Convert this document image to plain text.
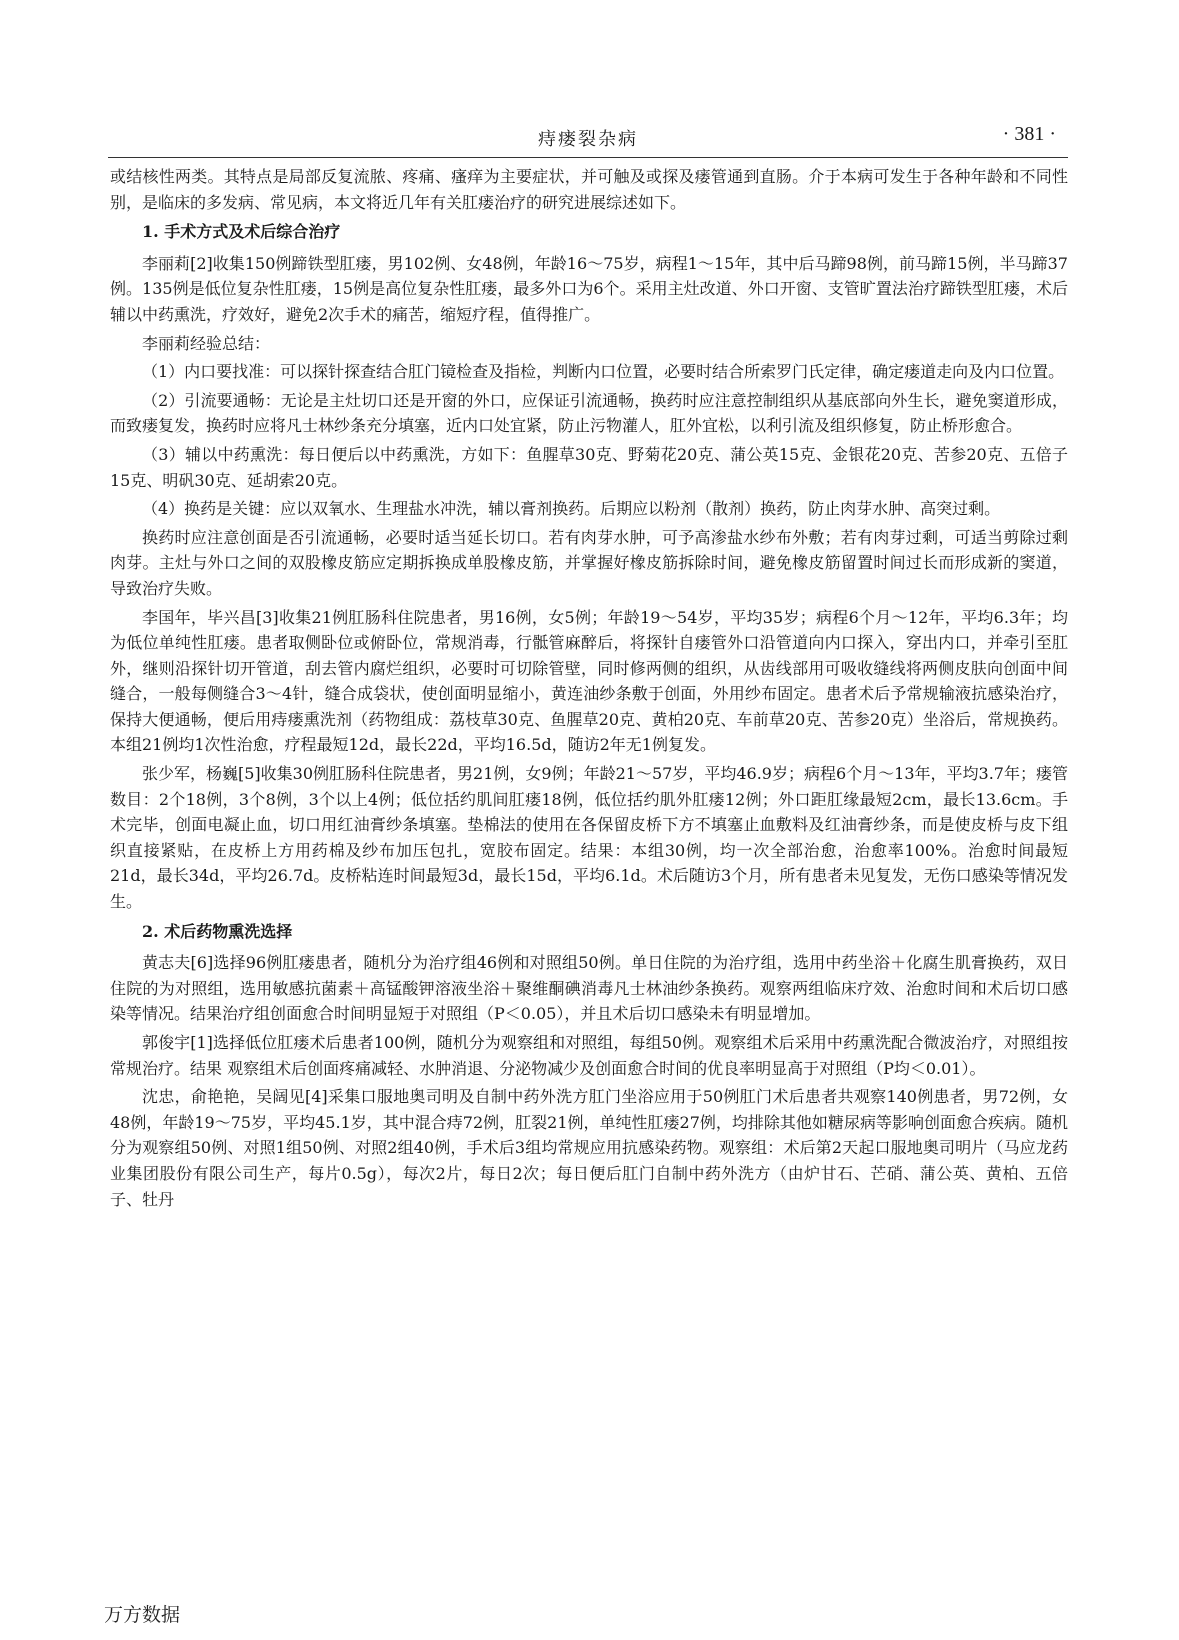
痔瘘裂杂病	· 381 ·

或结核性两类。其特点是局部反复流脓、疼痛、瘙痒为主要症状，并可触及或探及瘘管通到直肠。介于本病可发生于各种年龄和不同性别，是临床的多发病、常见病，本文将近几年有关肛瘘治疗的研究进展综述如下。

1. 手术方式及术后综合治疗

李丽莉[2]收集150例蹄铁型肛瘘，男102例、女48例，年龄16～75岁，病程1～15年，其中后马蹄98例，前马蹄15例，半马蹄37例。135例是低位复杂性肛瘘，15例是高位复杂性肛瘘，最多外口为6个。采用主灶改道、外口开窗、支管旷置法治疗蹄铁型肛瘘，术后辅以中药熏洗，疗效好，避免2次手术的痛苦，缩短疗程，值得推广。

李丽莉经验总结：

（1）内口要找准：可以探针探查结合肛门镜检查及指检，判断内口位置，必要时结合所索罗门氏定律，确定瘘道走向及内口位置。

（2）引流要通畅：无论是主灶切口还是开窗的外口，应保证引流通畅，换药时应注意控制组织从基底部向外生长，避免窦道形成，而致瘘复发，换药时应将凡士林纱条充分填塞，近内口处宜紧，防止污物灌人，肛外宜松，以利引流及组织修复，防止桥形愈合。

（3）辅以中药熏洗：每日便后以中药熏洗，方如下：鱼腥草30克、野菊花20克、蒲公英15克、金银花20克、苦参20克、五倍子15克、明矾30克、延胡索20克。

（4）换药是关键：应以双氧水、生理盐水冲洗，辅以膏剂换药。后期应以粉剂（散剂）换药，防止肉芽水肿、高突过剩。

换药时应注意创面是否引流通畅，必要时适当延长切口。若有肉芽水肿，可予高渗盐水纱布外敷；若有肉芽过剩，可适当剪除过剩肉芽。主灶与外口之间的双股橡皮筋应定期拆换成单股橡皮筋，并掌握好橡皮筋拆除时间，避免橡皮筋留置时间过长而形成新的窦道，导致治疗失败。

李国年，毕兴昌[3]收集21例肛肠科住院患者，男16例，女5例；年龄19～54岁，平均35岁；病程6个月～12年，平均6.3年；均为低位单纯性肛瘘。患者取侧卧位或俯卧位，常规消毒，行骶管麻醉后，将探针自瘘管外口沿管道向内口探入，穿出内口，并牵引至肛外，继则沿探针切开管道，刮去管内腐烂组织，必要时可切除管壁，同时修两侧的组织，从齿线部用可吸收缝线将两侧皮肤向创面中间缝合，一般每侧缝合3～4针，缝合成袋状，使创面明显缩小，黄连油纱条敷于创面，外用纱布固定。患者术后予常规输液抗感染治疗，保持大便通畅，便后用痔瘘熏洗剂（药物组成：荔枝草30克、鱼腥草20克、黄柏20克、车前草20克、苦参20克）坐浴后，常规换药。本组21例均1次性治愈，疗程最短12d，最长22d，平均16.5d，随访2年无1例复发。

张少军，杨巍[5]收集30例肛肠科住院患者，男21例，女9例；年龄21～57岁，平均46.9岁；病程6个月～13年，平均3.7年；瘘管数目：2个18例，3个8例，3个以上4例；低位括约肌间肛瘘18例，低位括约肌外肛瘘12例；外口距肛缘最短2cm，最长13.6cm。手术完毕，创面电凝止血，切口用红油膏纱条填塞。垫棉法的使用在各保留皮桥下方不填塞止血敷料及红油膏纱条，而是使皮桥与皮下组织直接紧贴，在皮桥上方用药棉及纱布加压包扎，宽胶布固定。结果：本组30例，均一次全部治愈，治愈率100%。治愈时间最短21d，最长34d，平均26.7d。皮桥粘连时间最短3d，最长15d，平均6.1d。术后随访3个月，所有患者未见复发，无伤口感染等情况发生。

2. 术后药物熏洗选择

黄志夫[6]选择96例肛瘘患者，随机分为治疗组46例和对照组50例。单日住院的为治疗组，选用中药坐浴＋化腐生肌膏换药，双日住院的为对照组，选用敏感抗菌素＋高锰酸钾溶液坐浴＋聚维酮碘消毒凡士林油纱条换药。观察两组临床疗效、治愈时间和术后切口感染等情况。结果治疗组创面愈合时间明显短于对照组（P＜0.05），并且术后切口感染未有明显增加。

郭俊宇[1]选择低位肛瘘术后患者100例，随机分为观察组和对照组，每组50例。观察组术后采用中药熏洗配合微波治疗，对照组按常规治疗。结果 观察组术后创面疼痛减轻、水肿消退、分泌物减少及创面愈合时间的优良率明显高于对照组（P均＜0.01）。

沈忠，俞艳艳，吴阔见[4]采集口服地奥司明及自制中药外洗方肛门坐浴应用于50例肛门术后患者共观察140例患者，男72例，女48例，年龄19～75岁，平均45.1岁，其中混合痔72例，肛裂21例，单纯性肛瘘27例，均排除其他如糖尿病等影响创面愈合疾病。随机分为观察组50例、对照1组50例、对照2组40例，手术后3组均常规应用抗感染药物。观察组：术后第2天起口服地奥司明片（马应龙药业集团股份有限公司生产，每片0.5g），每次2片，每日2次；每日便后肛门自制中药外洗方（由炉甘石、芒硝、蒲公英、黄柏、五倍子、牡丹

万方数据
